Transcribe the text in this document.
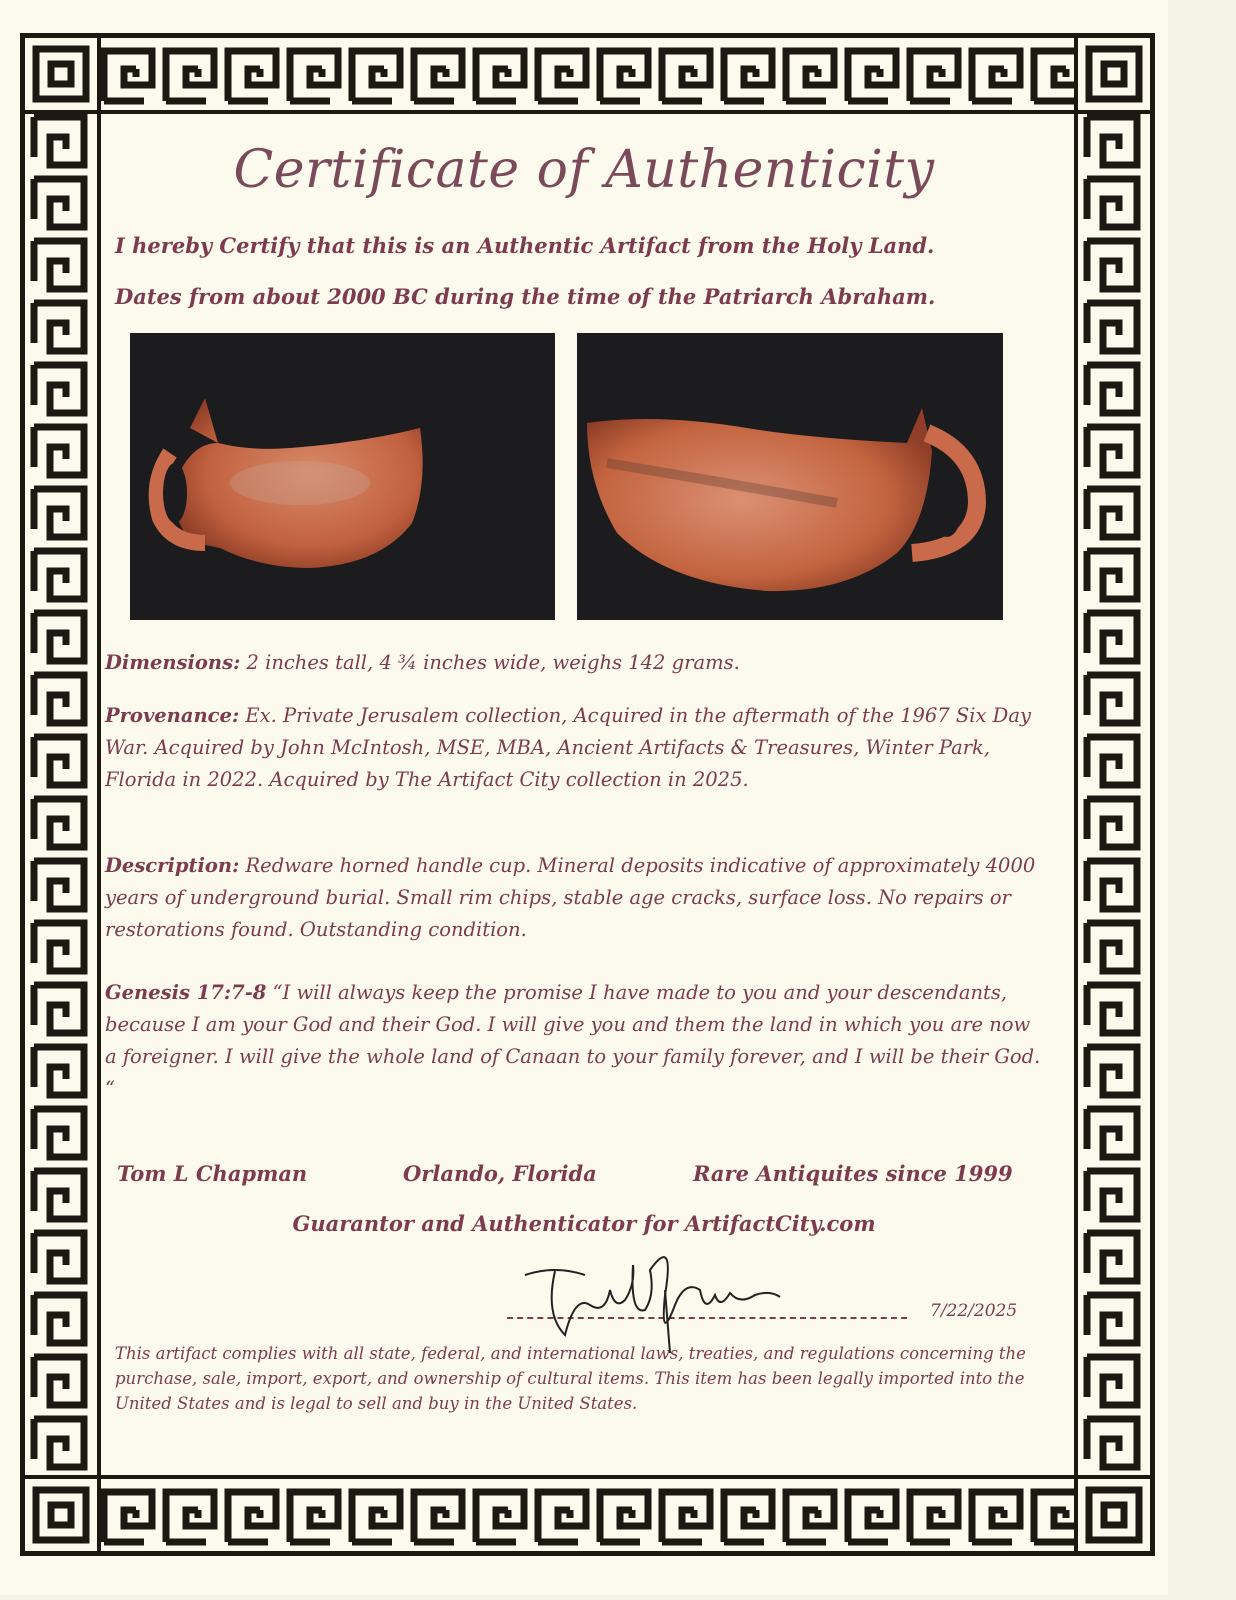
Certificate of Authenticity
I hereby Certify that this is an Authentic Artifact from the Holy Land.
Dates from about 2000 BC during the time of the Patriarch Abraham.
Dimensions: 2 inches tall, 4 ¾ inches wide, weighs 142 grams.
Provenance: Ex. Private Jerusalem collection, Acquired in the aftermath of the 1967 Six Day War. Acquired by John McIntosh, MSE, MBA, Ancient Artifacts & Treasures, Winter Park, Florida in 2022. Acquired by The Artifact City collection in 2025.
Description: Redware horned handle cup. Mineral deposits indicative of approximately 4000 years of underground burial. Small rim chips, stable age cracks, surface loss. No repairs or restorations found. Outstanding condition.
Genesis 17:7-8 “I will always keep the promise I have made to you and your descendants, because I am your God and their God. I will give you and them the land in which you are now a foreigner. I will give the whole land of Canaan to your family forever, and I will be their God. “
Tom L Chapman	Orlando, Florida	Rare Antiquites since 1999
Guarantor and Authenticator for ArtifactCity.com
7/22/2025
This artifact complies with all state, federal, and international laws, treaties, and regulations concerning the purchase, sale, import, export, and ownership of cultural items. This item has been legally imported into the United States and is legal to sell and buy in the United States.
